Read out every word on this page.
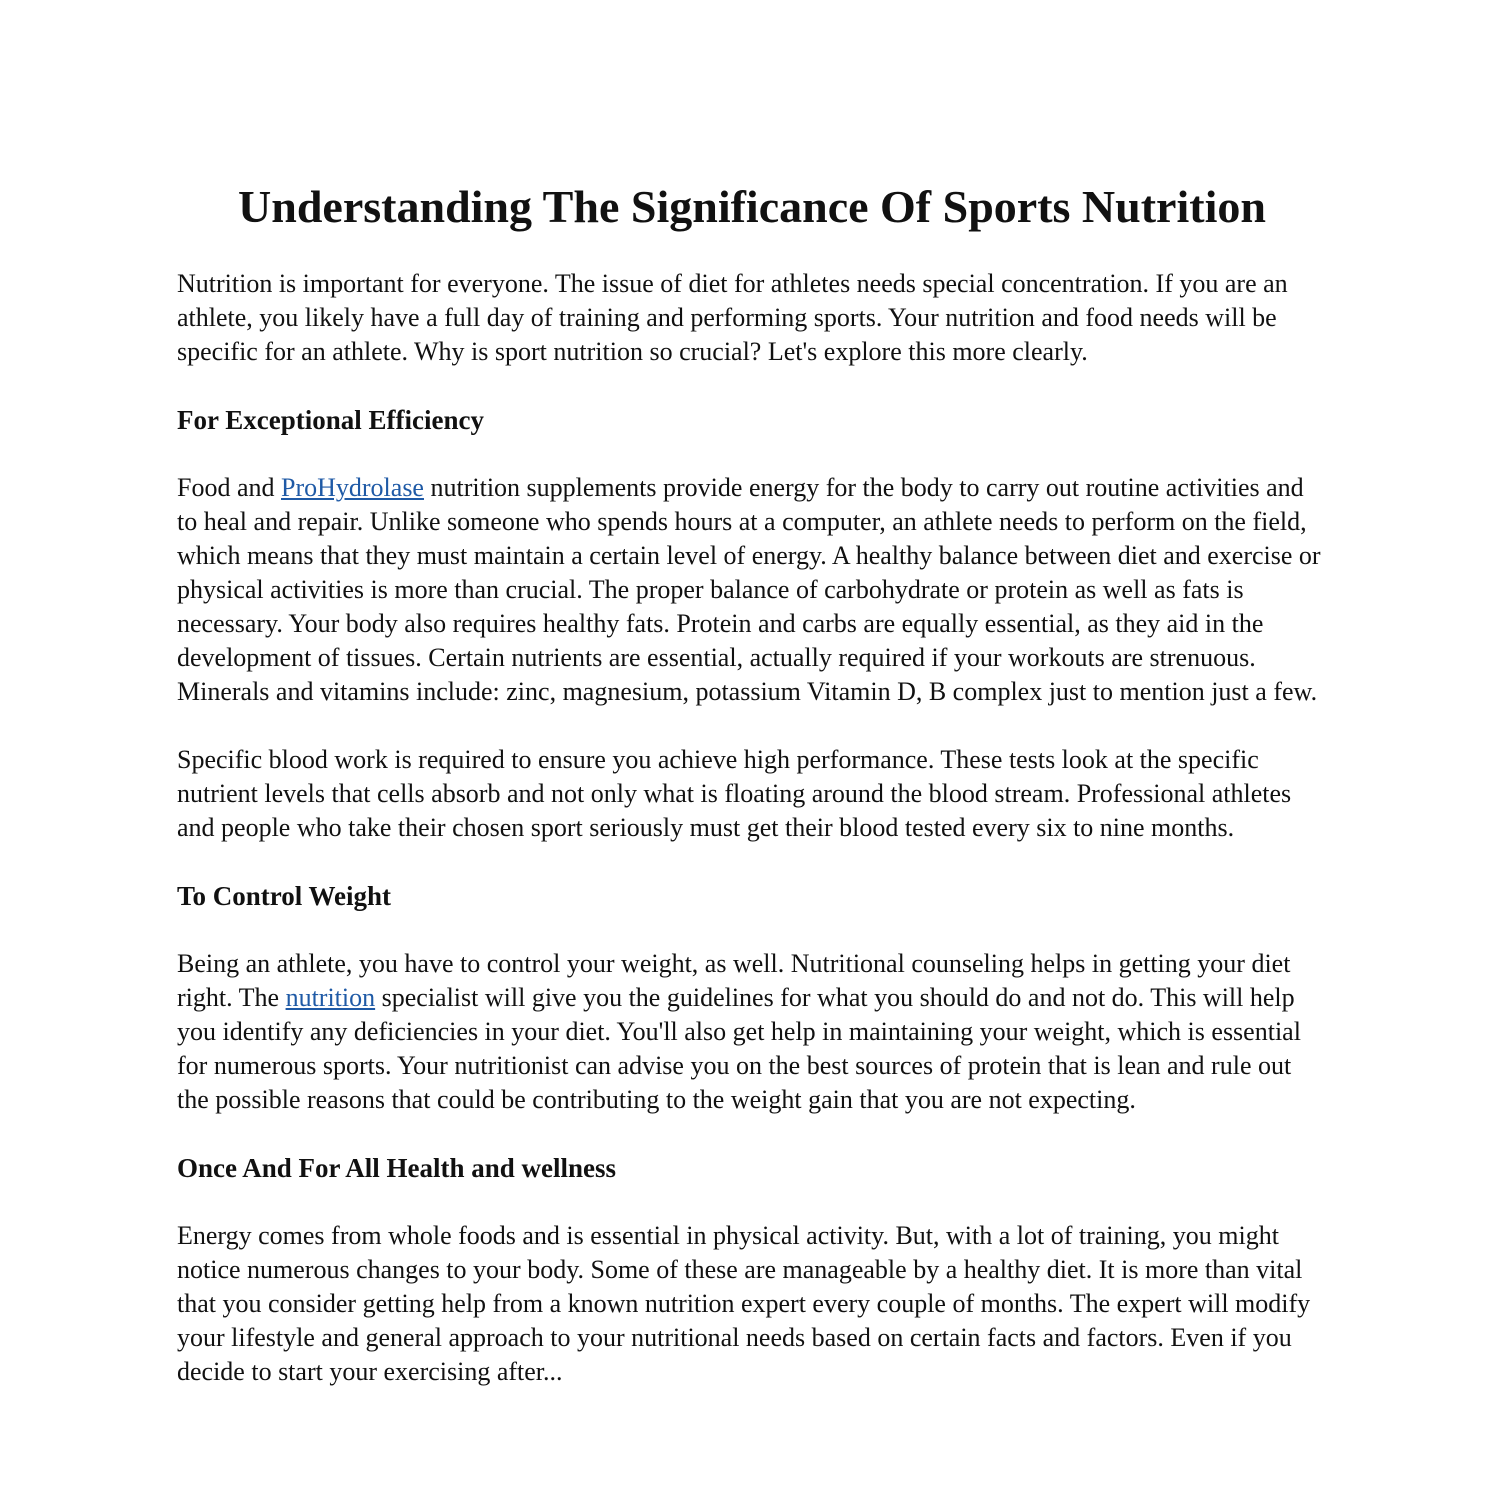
Understanding The Significance Of Sports Nutrition

Nutrition is important for everyone. The issue of diet for athletes needs special concentration. If you are an athlete, you likely have a full day of training and performing sports. Your nutrition and food needs will be specific for an athlete. Why is sport nutrition so crucial? Let's explore this more clearly.

For Exceptional Efficiency

Food and ProHydrolase nutrition supplements provide energy for the body to carry out routine activities and to heal and repair. Unlike someone who spends hours at a computer, an athlete needs to perform on the field, which means that they must maintain a certain level of energy. A healthy balance between diet and exercise or physical activities is more than crucial. The proper balance of carbohydrate or protein as well as fats is necessary. Your body also requires healthy fats. Protein and carbs are equally essential, as they aid in the development of tissues. Certain nutrients are essential, actually required if your workouts are strenuous. Minerals and vitamins include: zinc, magnesium, potassium Vitamin D, B complex just to mention just a few.

Specific blood work is required to ensure you achieve high performance. These tests look at the specific nutrient levels that cells absorb and not only what is floating around the blood stream. Professional athletes and people who take their chosen sport seriously must get their blood tested every six to nine months.

To Control Weight

Being an athlete, you have to control your weight, as well. Nutritional counseling helps in getting your diet right. The nutrition specialist will give you the guidelines for what you should do and not do. This will help you identify any deficiencies in your diet. You'll also get help in maintaining your weight, which is essential for numerous sports. Your nutritionist can advise you on the best sources of protein that is lean and rule out the possible reasons that could be contributing to the weight gain that you are not expecting.

Once And For All Health and wellness

Energy comes from whole foods and is essential in physical activity. But, with a lot of training, you might notice numerous changes to your body. Some of these are manageable by a healthy diet. It is more than vital that you consider getting help from a known nutrition expert every couple of months. The expert will modify your lifestyle and general approach to your nutritional needs based on certain facts and factors. Even if you decide to start your exercising after...
